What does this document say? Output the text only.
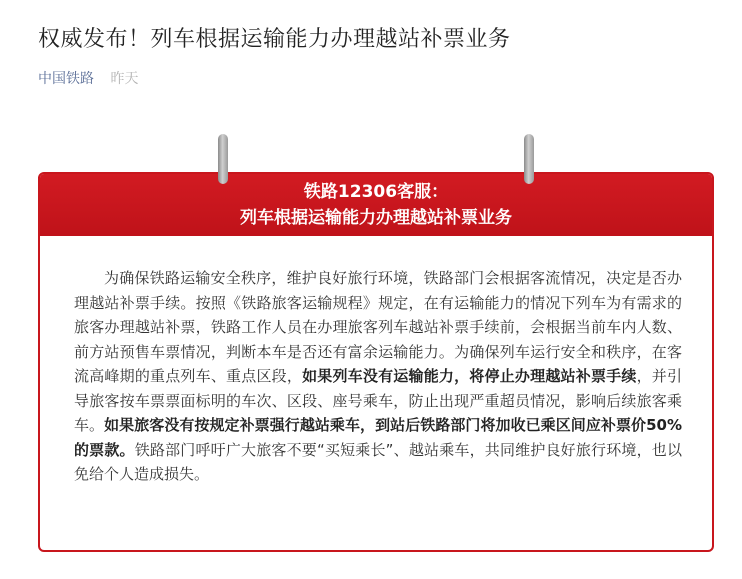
权威发布！列车根据运输能力办理越站补票业务
中国铁路 昨天
铁路12306客服：
列车根据运输能力办理越站补票业务

为确保铁路运输安全秩序，维护良好旅行环境，铁路部门会根据客流情况，决定是否办理越站补票手续。按照《铁路旅客运输规程》规定，在有运输能力的情况下列车为有需求的旅客办理越站补票，铁路工作人员在办理旅客列车越站补票手续前，会根据当前车内人数、前方站预售车票情况，判断本车是否还有富余运输能力。为确保列车运行安全和秩序，在客流高峰期的重点列车、重点区段，如果列车没有运输能力，将停止办理越站补票手续，并引导旅客按车票票面标明的车次、区段、座号乘车，防止出现严重超员情况，影响后续旅客乘车。如果旅客没有按规定补票强行越站乘车，到站后铁路部门将加收已乘区间应补票价50%的票款。铁路部门呼吁广大旅客不要“买短乘长”、越站乘车，共同维护良好旅行环境，也以免给个人造成损失。
